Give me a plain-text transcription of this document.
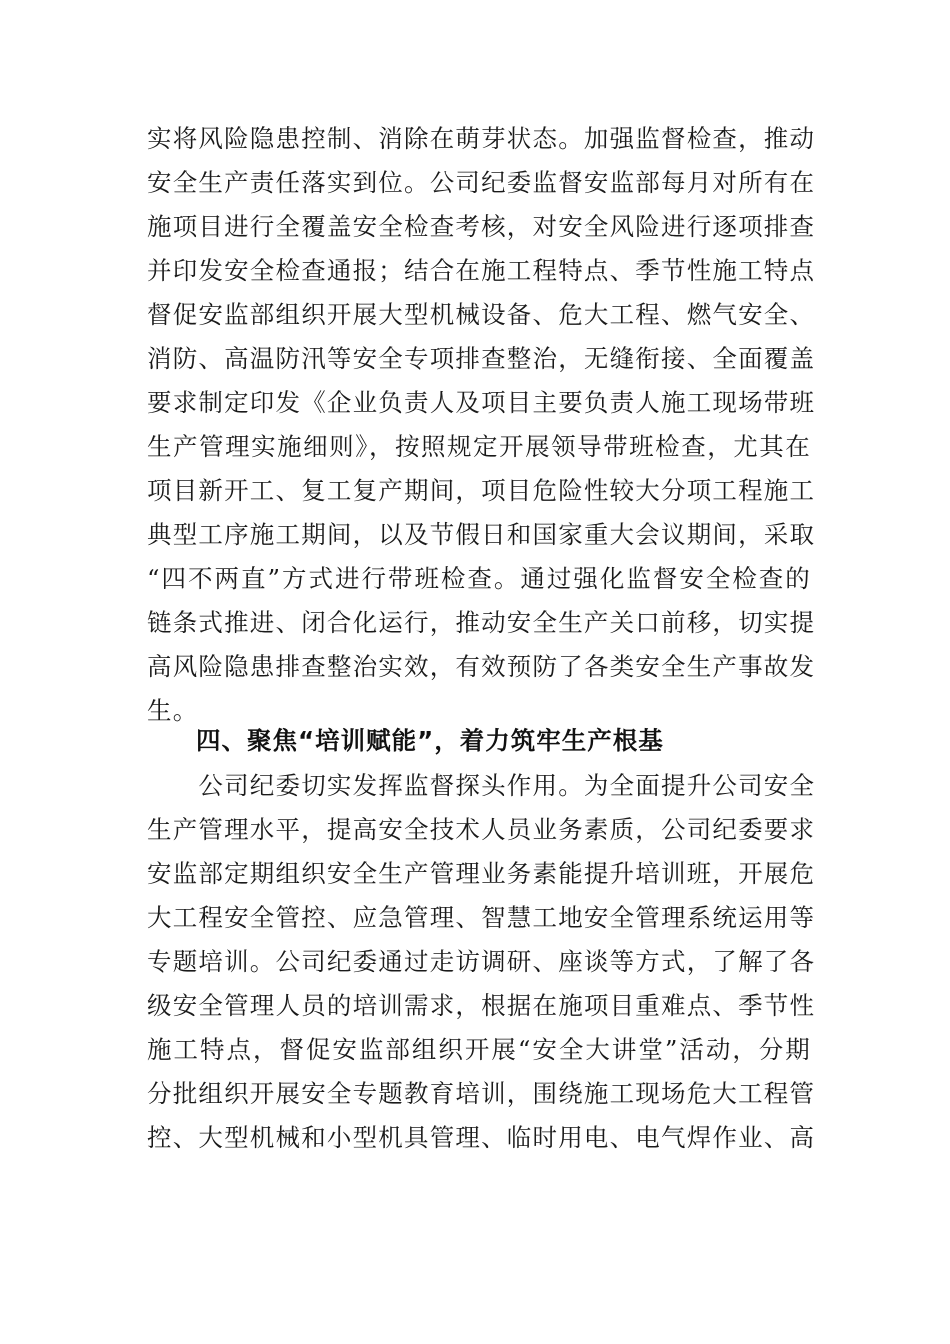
实将风险隐患控制、消除在萌芽状态。加强监督检查，推动
安全生产责任落实到位。公司纪委监督安监部每月对所有在
施项目进行全覆盖安全检查考核，对安全风险进行逐项排查
并印发安全检查通报；结合在施工程特点、季节性施工特点
督促安监部组织开展大型机械设备、危大工程、燃气安全、
消防、高温防汛等安全专项排查整治，无缝衔接、全面覆盖
要求制定印发《企业负责人及项目主要负责人施工现场带班
生产管理实施细则》，按照规定开展领导带班检查，尤其在
项目新开工、复工复产期间，项目危险性较大分项工程施工
典型工序施工期间，以及节假日和国家重大会议期间，采取
“四不两直”方式进行带班检查。通过强化监督安全检查的
链条式推进、闭合化运行，推动安全生产关口前移，切实提
高风险隐患排查整治实效，有效预防了各类安全生产事故发
生。
四、聚焦“培训赋能”，着力筑牢生产根基
　　公司纪委切实发挥监督探头作用。为全面提升公司安全
生产管理水平，提高安全技术人员业务素质，公司纪委要求
安监部定期组织安全生产管理业务素能提升培训班，开展危
大工程安全管控、应急管理、智慧工地安全管理系统运用等
专题培训。公司纪委通过走访调研、座谈等方式，了解了各
级安全管理人员的培训需求，根据在施项目重难点、季节性
施工特点，督促安监部组织开展“安全大讲堂”活动，分期
分批组织开展安全专题教育培训，围绕施工现场危大工程管
控、大型机械和小型机具管理、临时用电、电气焊作业、高
